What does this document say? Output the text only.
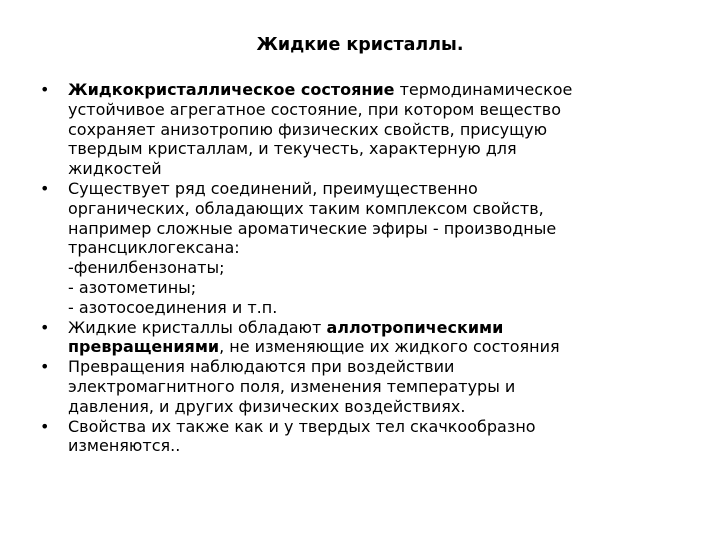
Жидкие кристаллы.
•	Жидкокристаллическое состояние термодинамическое
устойчивое агрегатное состояние, при котором вещество
сохраняет анизотропию физических свойств, присущую
твердым кристаллам, и текучесть, характерную для
жидкостей
•	Существует ряд соединений, преимущественно
органических, обладающих таким комплексом свойств,
например сложные ароматические эфиры - производные
трансциклогексана:
-фенилбензонаты;
- азотометины;
- азотосоединения и т.п.
•	Жидкие кристаллы обладают аллотропическими
превращениями, не изменяющие их жидкого состояния
•	Превращения наблюдаются при воздействии
электромагнитного поля, изменения температуры и
давления, и других физических воздействиях.
•	Свойства их также как и у твердых тел скачкообразно
изменяются..
